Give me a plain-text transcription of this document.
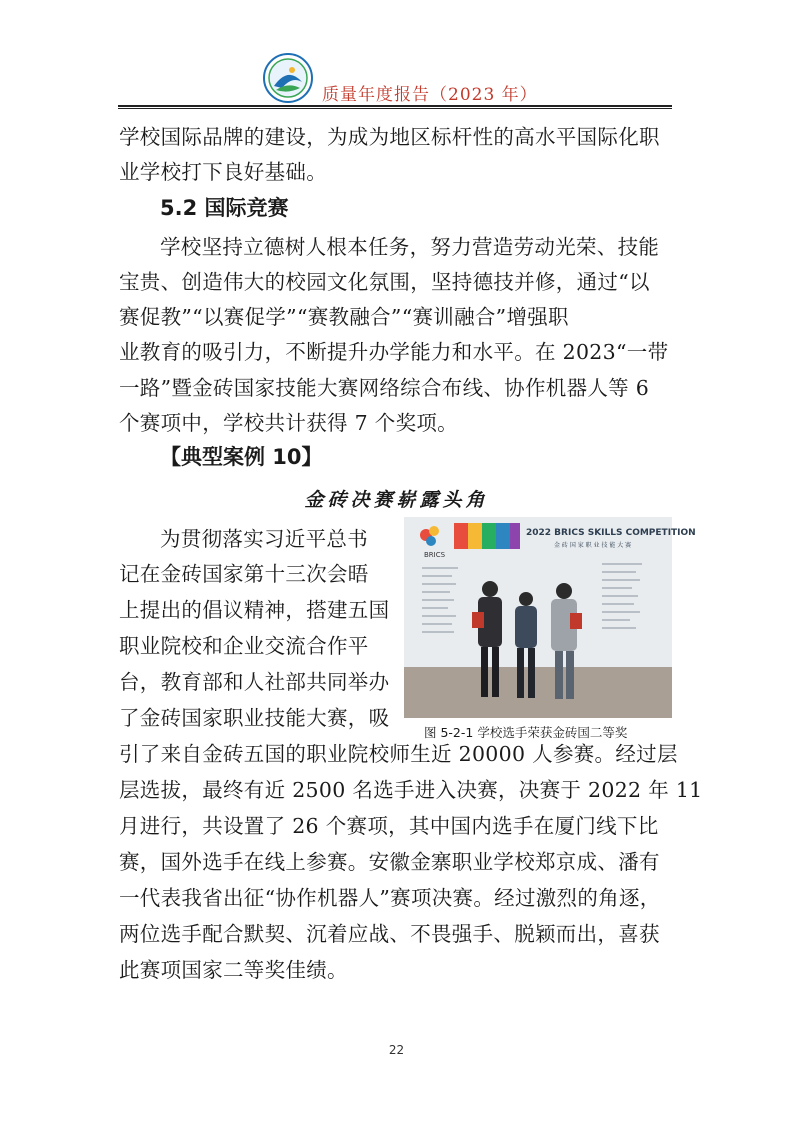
质量年度报告（2023 年）
学校国际品牌的建设，为成为地区标杆性的高水平国际化职
业学校打下良好基础。
5.2 国际竞赛
学校坚持立德树人根本任务，努力营造劳动光荣、技能
宝贵、创造伟大的校园文化氛围，坚持德技并修，通过“以
赛促教”“以赛促学”“赛教融合”“赛训融合”增强职
业教育的吸引力，不断提升办学能力和水平。在 2023“一带
一路”暨金砖国家技能大赛网络综合布线、协作机器人等 6
个赛项中，学校共计获得 7 个奖项。
【典型案例 10】
金砖决赛崭露头角
为贯彻落实习近平总书
记在金砖国家第十三次会晤
上提出的倡议精神，搭建五国
职业院校和企业交流合作平
台，教育部和人社部共同举办
了金砖国家职业技能大赛，吸
BRICS
2022 BRICS SKILLS COMPETITION
金 砖 国 家 职 业 技 能 大 赛
图 5-2-1 学校选手荣获金砖国二等奖
引了来自金砖五国的职业院校师生近 20000 人参赛。经过层
层选拔，最终有近 2500 名选手进入决赛，决赛于 2022 年 11
月进行，共设置了 26 个赛项，其中国内选手在厦门线下比
赛，国外选手在线上参赛。安徽金寨职业学校郑京成、潘有
一代表我省出征“协作机器人”赛项决赛。经过激烈的角逐，
两位选手配合默契、沉着应战、不畏强手、脱颖而出，喜获
此赛项国家二等奖佳绩。
22
